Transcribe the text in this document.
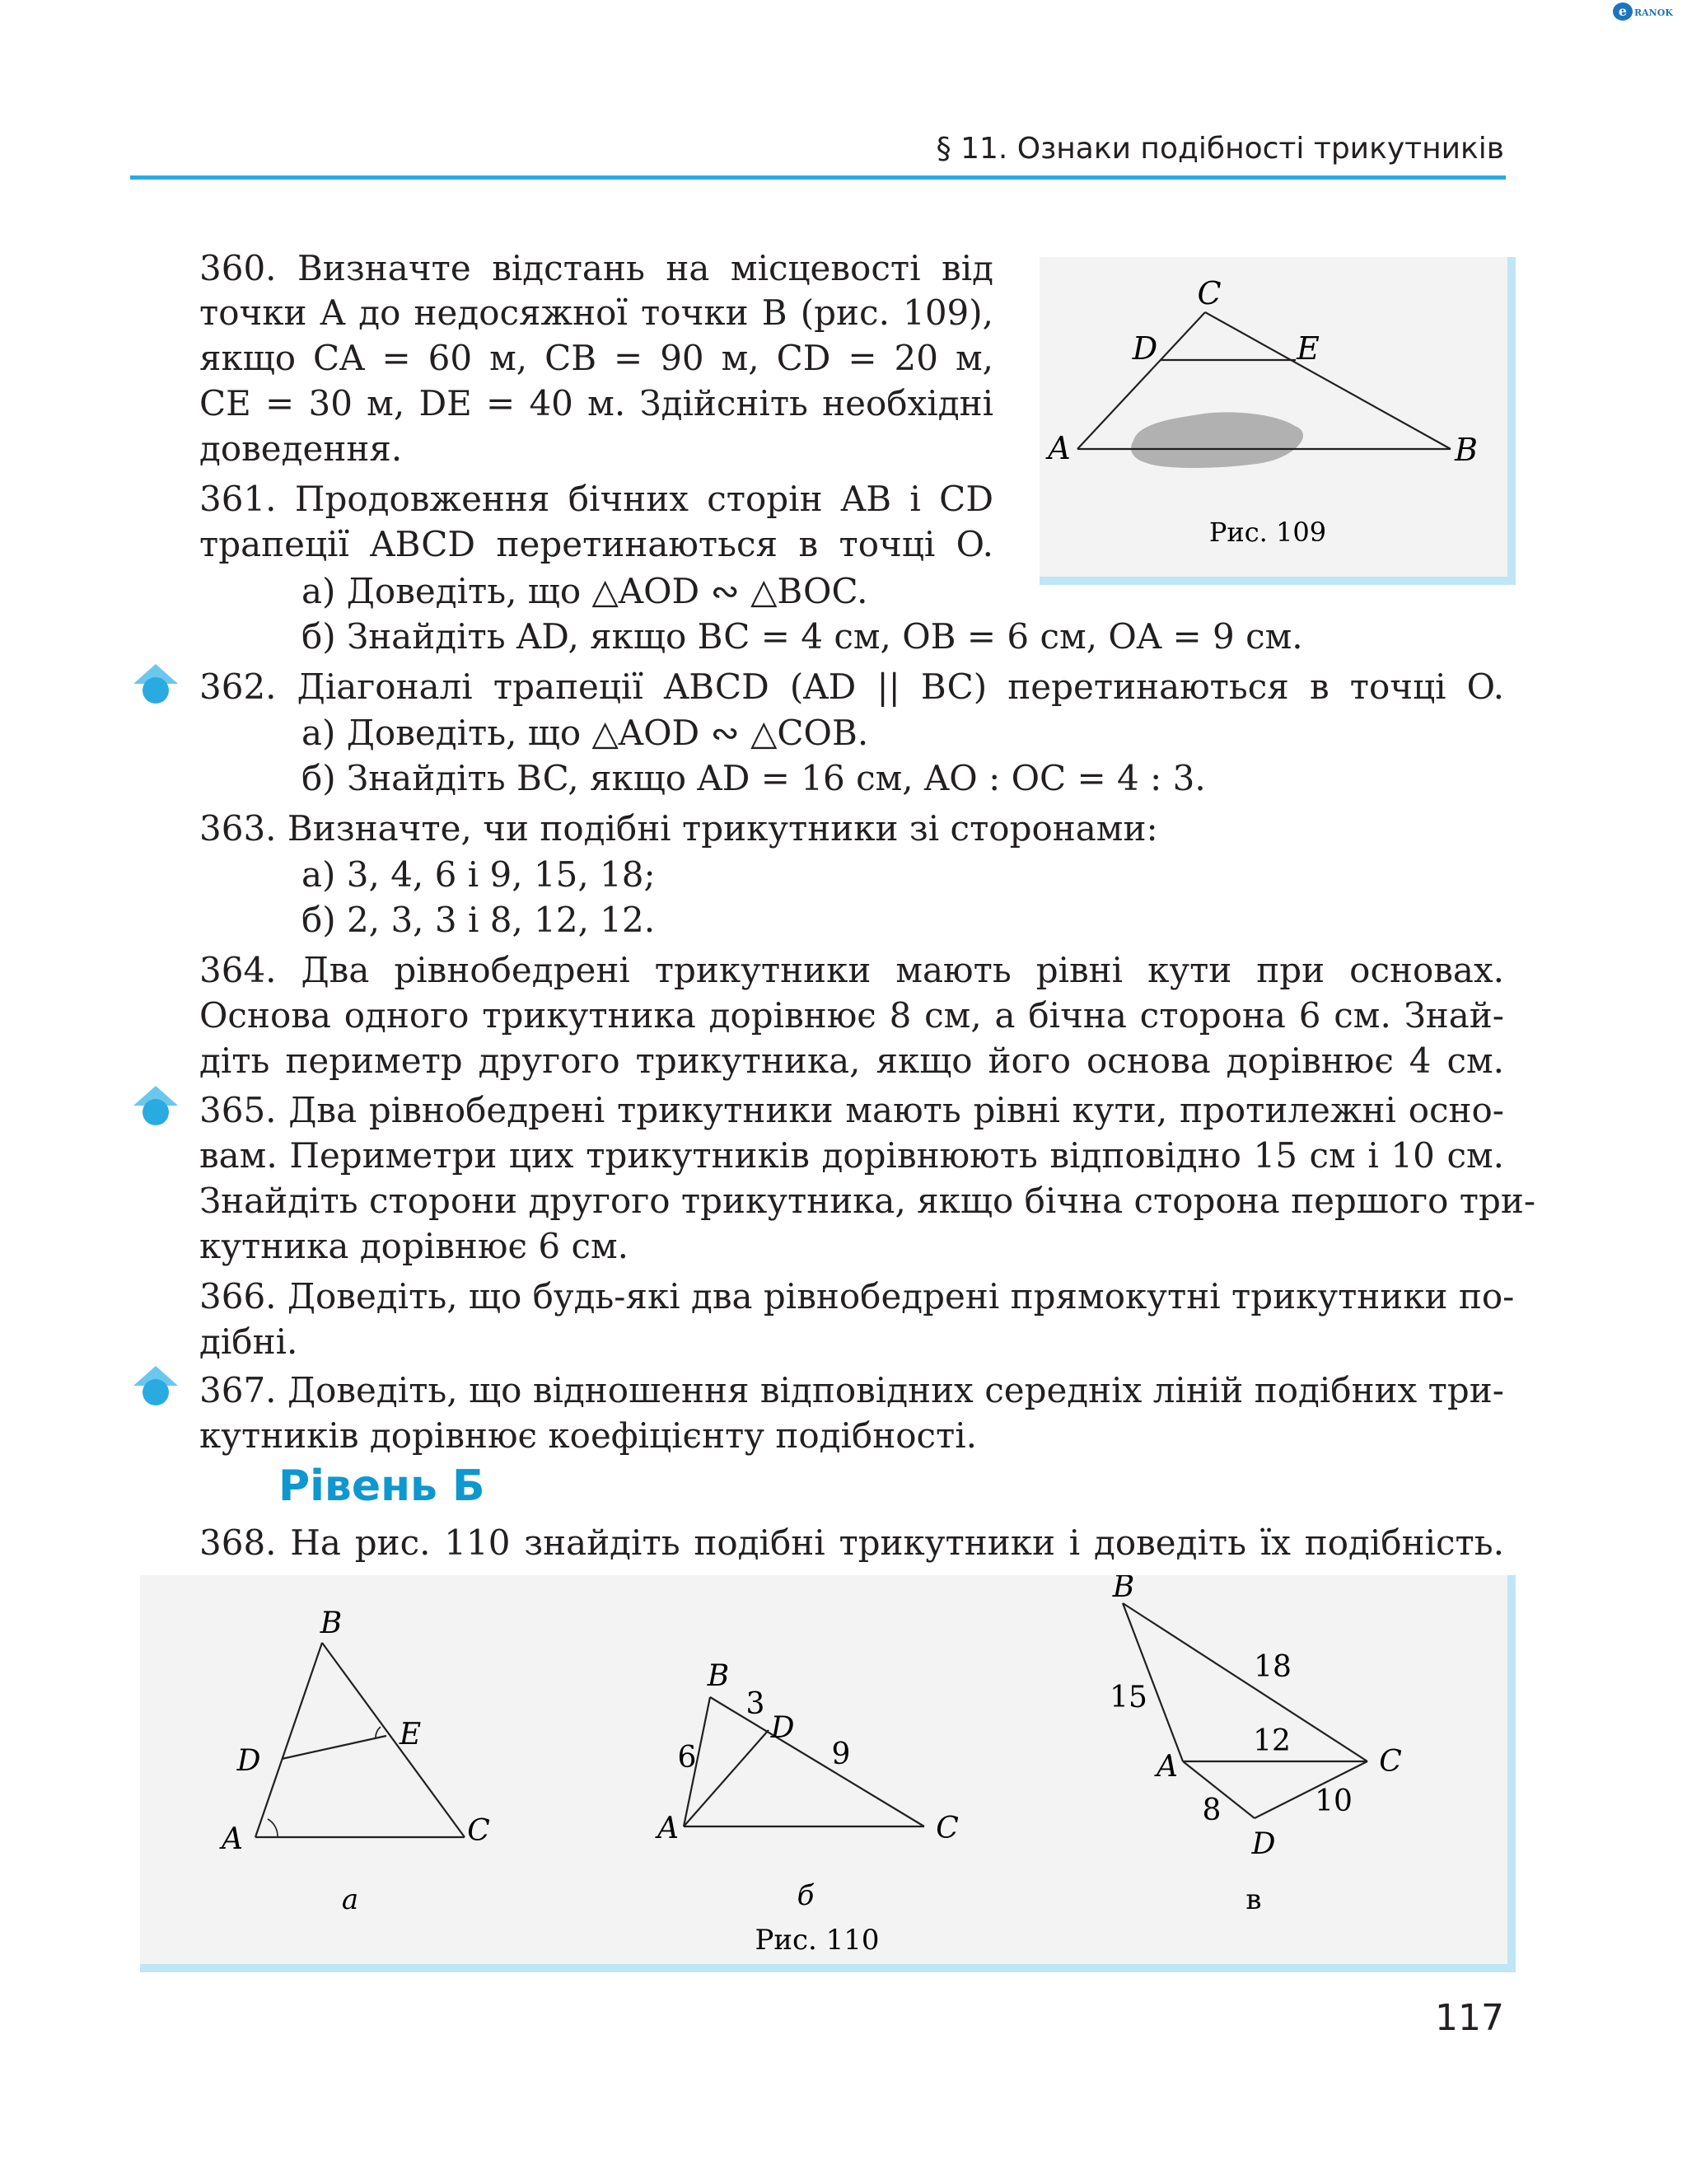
§ 11. Ознаки подібності трикутників
e RANOK
C
D	E
A	B
Рис. 109
360. Визначте відстань на місцевості від
точки A до недосяжної точки B (рис. 109),
якщо CA = 60 м, CB = 90 м, CD = 20 м,
CE = 30 м, DE = 40 м. Здійсніть необхідні
доведення.
361. Продовження бічних сторін AB і CD
трапеції ABCD перетинаються в точці O.
а) Доведіть, що △AOD ∾ △BOC.
б) Знайдіть AD, якщо BC = 4 см, OB = 6 см, OA = 9 см.
362. Діагоналі трапеції ABCD (AD || BC) перетинаються в точці O.
а) Доведіть, що △AOD ∾ △COB.
б) Знайдіть BC, якщо AD = 16 см, AO : OC = 4 : 3.
363. Визначте, чи подібні трикутники зі сторонами:
а) 3, 4, 6 і 9, 15, 18;
б) 2, 3, 3 і 8, 12, 12.
364. Два рівнобедрені трикутники мають рівні кути при основах.
Основа одного трикутника дорівнює 8 см, а бічна сторона 6 см. Знай-
діть периметр другого трикутника, якщо його основа дорівнює 4 см.
365. Два рівнобедрені трикутники мають рівні кути, протилежні осно-
вам. Периметри цих трикутників дорівнюють відповідно 15 см і 10 см.
Знайдіть сторони другого трикутника, якщо бічна сторона першого три-
кутника дорівнює 6 см.
366. Доведіть, що будь-які два рівнобедрені прямокутні трикутники по-
дібні.
367. Доведіть, що відношення відповідних середніх ліній подібних три-
кутників дорівнює коефіцієнту подібності.
368. На рис. 110 знайдіть подібні трикутники і доведіть їх подібність.
Рівень Б
B
E
D
A	C
а
B
3
D
6	9
A	C
б
B
18
15
12
C
A
8	10
D
в
Рис. 110
117
